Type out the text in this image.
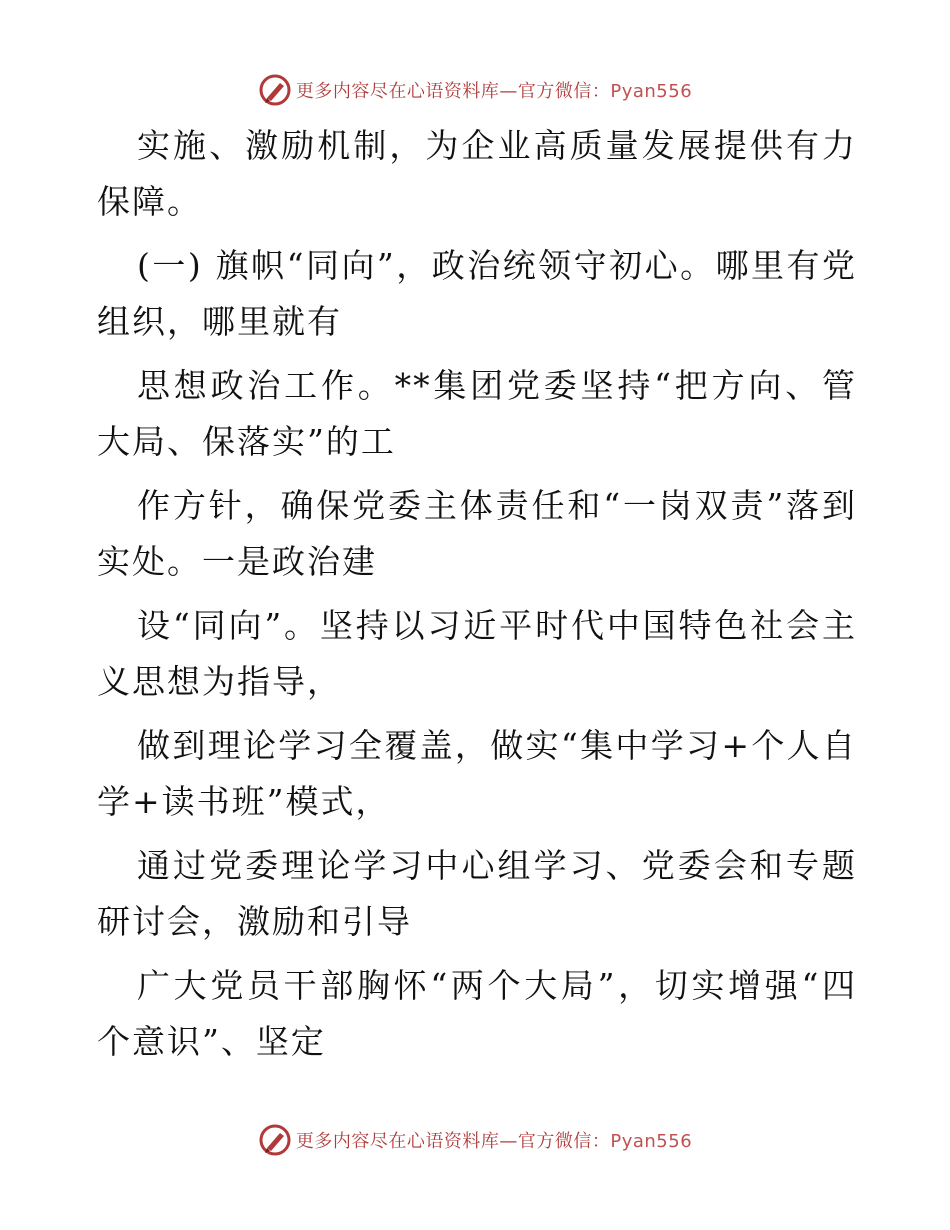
更多内容尽在心语资料库—官方微信：Pyan556

实施、激励机制，为企业高质量发展提供有力保障。

(一) 旗帜“同向”，政治统领守初心。哪里有党组织，哪里就有

思想政治工作。**集团党委坚持“把方向、管大局、保落实”的工

作方针，确保党委主体责任和“一岗双责”落到实处。一是政治建

设“同向”。坚持以习近平时代中国特色社会主义思想为指导，

做到理论学习全覆盖，做实“集中学习+个人自学+读书班”模式，

通过党委理论学习中心组学习、党委会和专题研讨会，激励和引导

广大党员干部胸怀“两个大局”，切实增强“四个意识”、坚定

更多内容尽在心语资料库—官方微信：Pyan556
